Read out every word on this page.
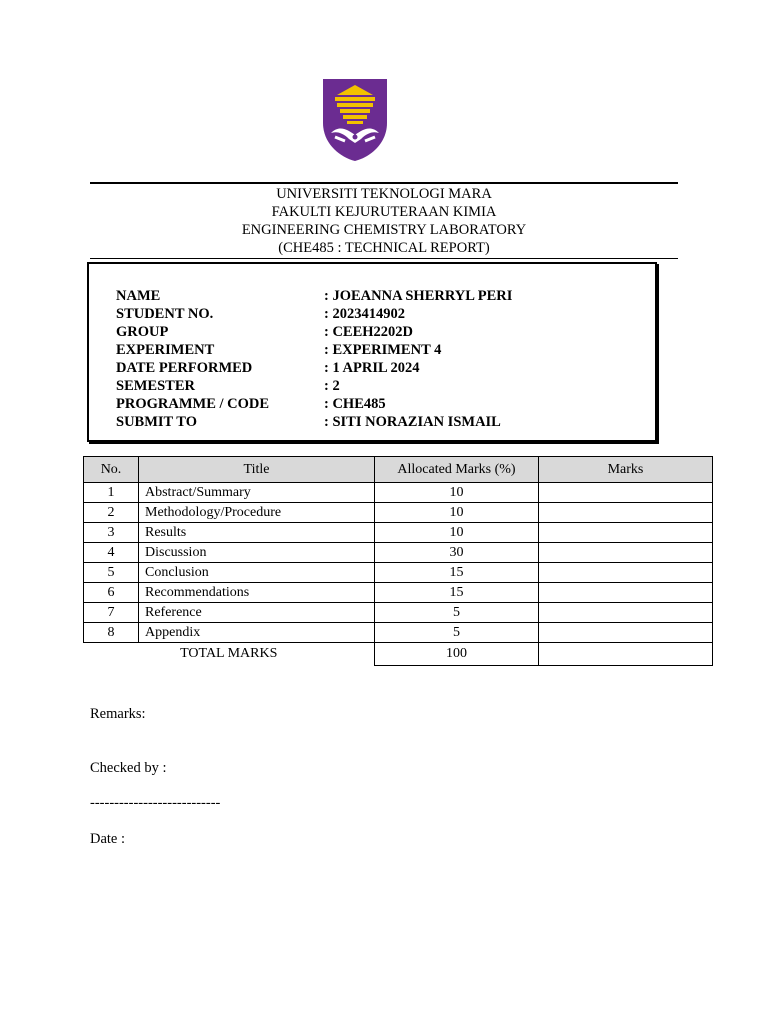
UNIVERSITI TEKNOLOGI MARA
FAKULTI KEJURUTERAAN KIMIA
ENGINEERING CHEMISTRY LABORATORY
(CHE485 : TECHNICAL REPORT)
NAME	: JOEANNA SHERRYL PERI
STUDENT NO.	: 2023414902
GROUP	: CEEH2202D
EXPERIMENT	: EXPERIMENT 4
DATE PERFORMED	: 1 APRIL 2024
SEMESTER	: 2
PROGRAMME / CODE	: CHE485
SUBMIT TO	: SITI NORAZIAN ISMAIL
No.	Title	Allocated Marks (%)	Marks
1	Abstract/Summary	10	
2	Methodology/Procedure	10	
3	Results	10	
4	Discussion	30	
5	Conclusion	15	
6	Recommendations	15	
7	Reference	5	
8	Appendix	5	
TOTAL MARKS		100	
Remarks:
Checked by :
---------------------------
Date :
